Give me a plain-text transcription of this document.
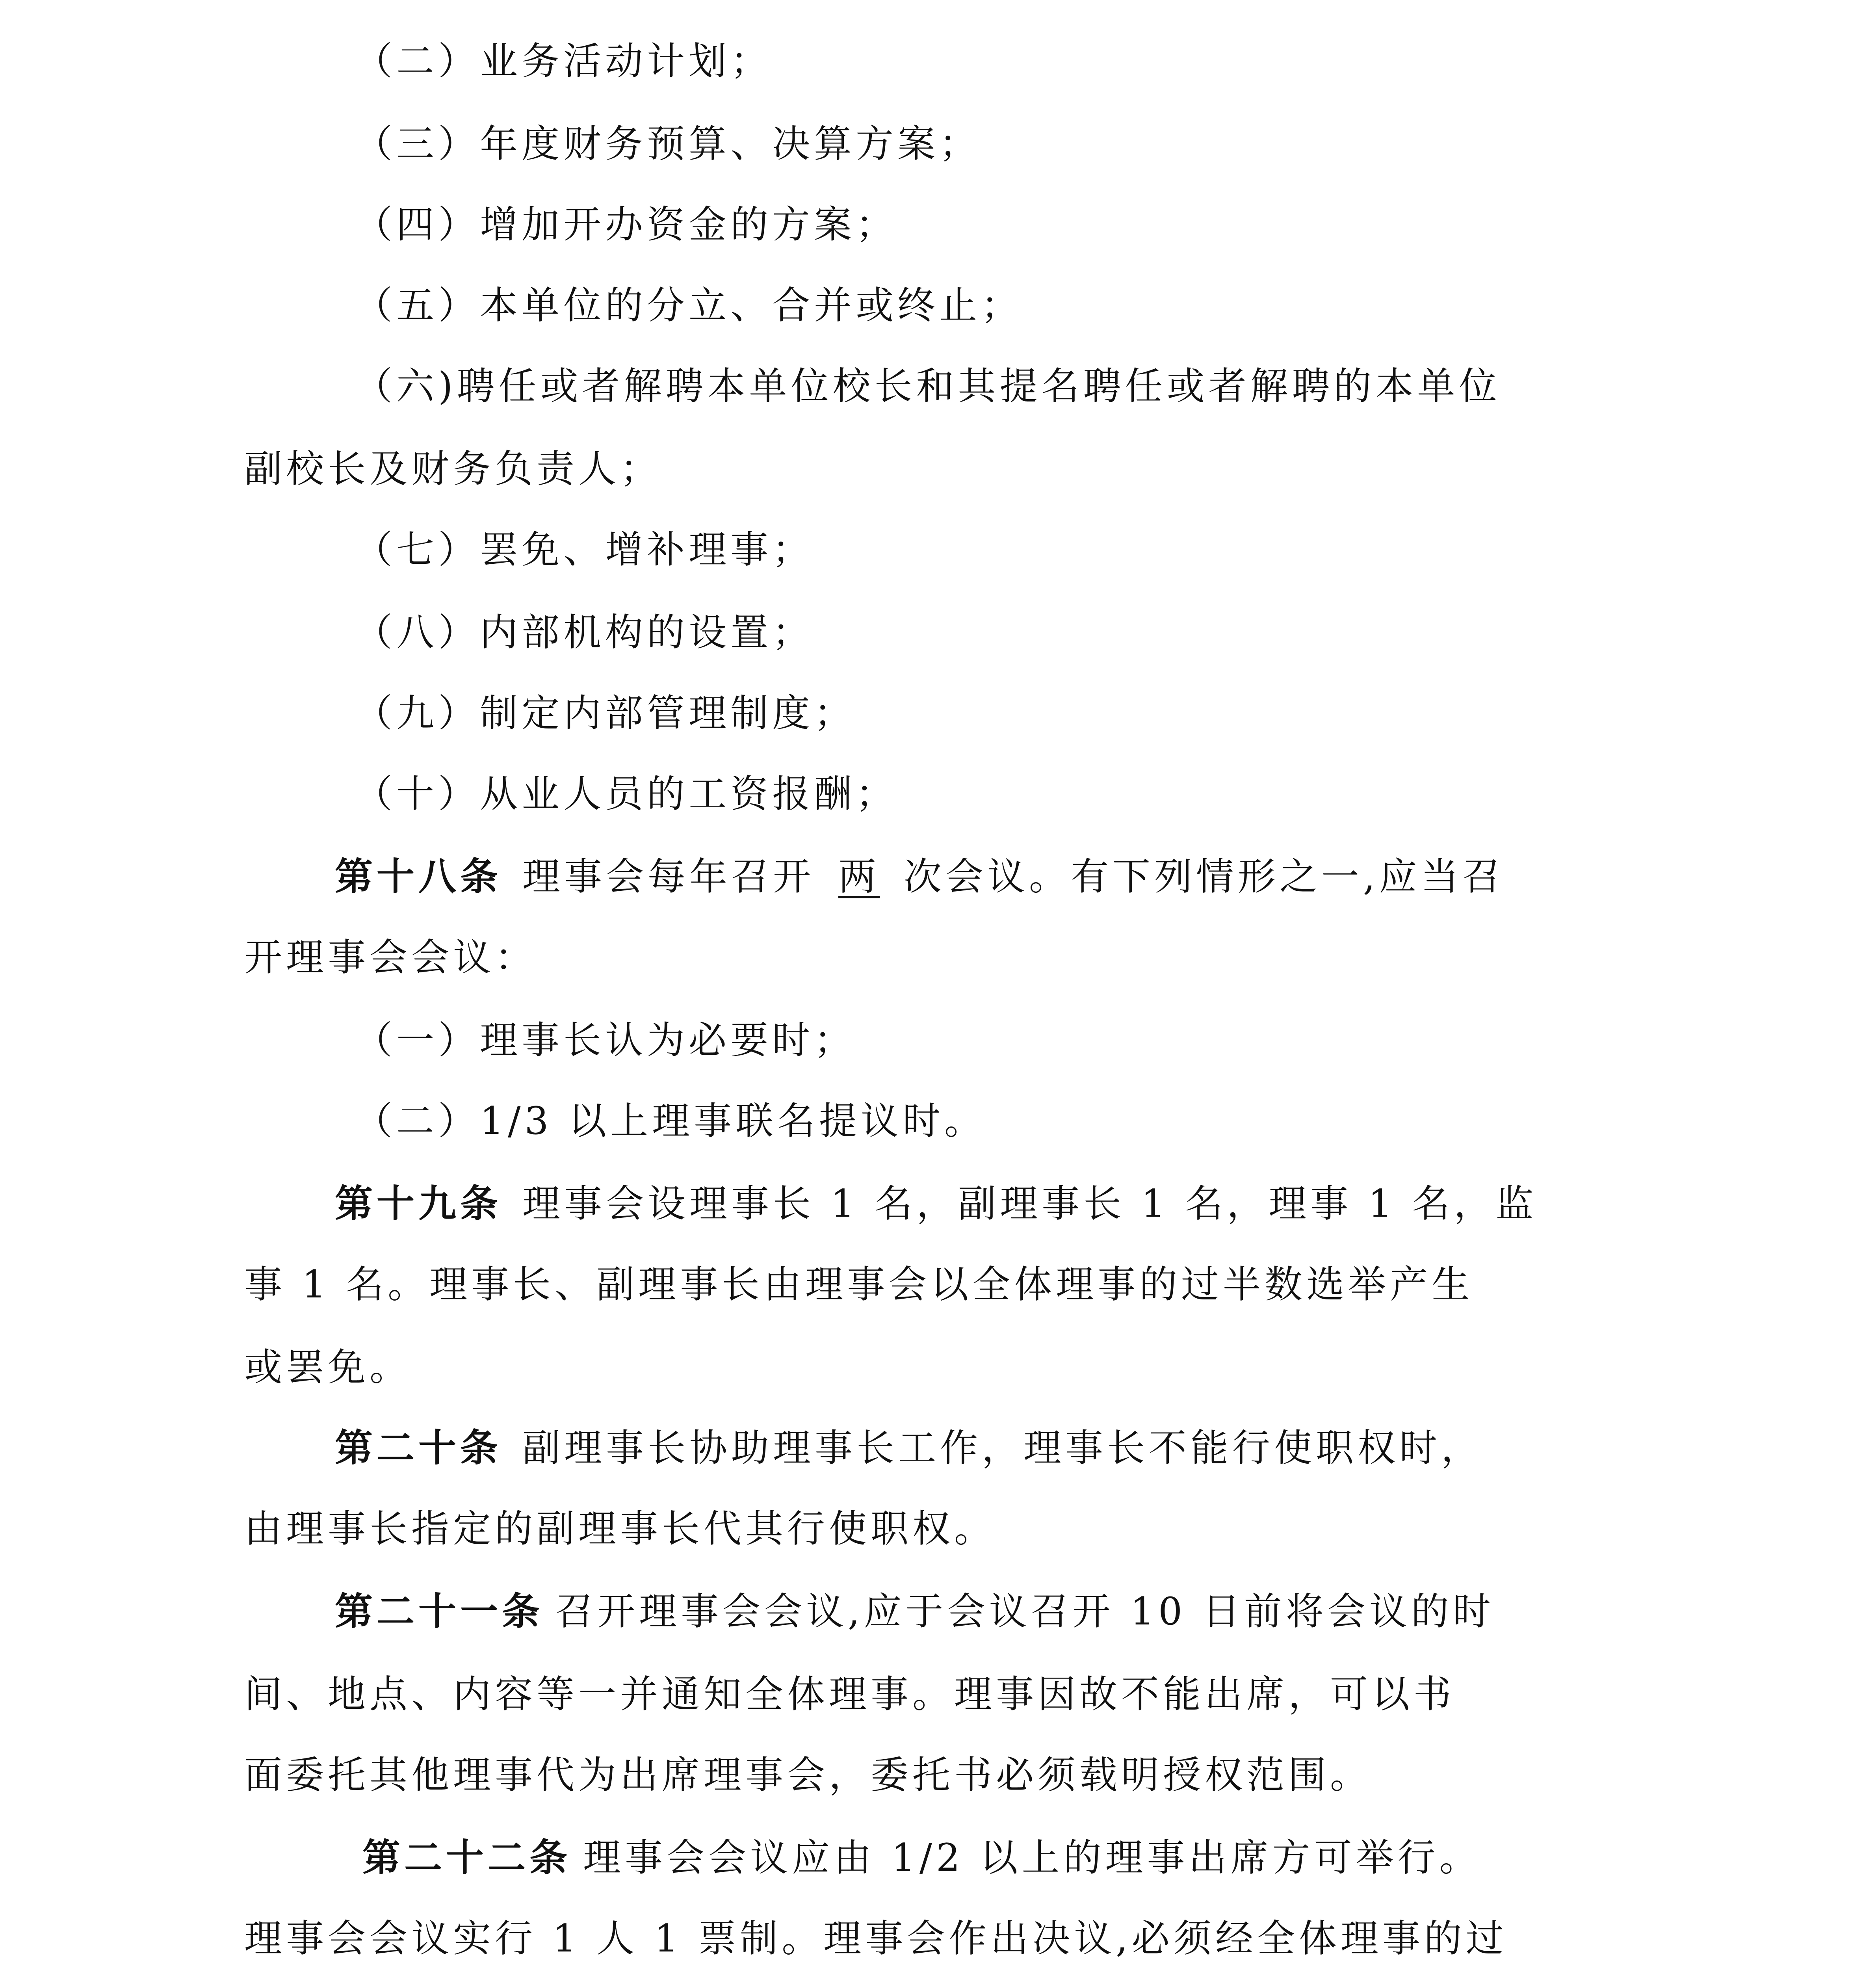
（二）业务活动计划；
（三）年度财务预算、决算方案；
（四）增加开办资金的方案；
（五）本单位的分立、合并或终止；
（六)聘任或者解聘本单位校长和其提名聘任或者解聘的本单位
副校长及财务负责人；
（七）罢免、增补理事；
（八）内部机构的设置；
（九）制定内部管理制度；
（十）从业人员的工资报酬；
第十八条 理事会每年召开 两 次会议。有下列情形之一,应当召
开理事会会议：
（一）理事长认为必要时；
（二）1/3 以上理事联名提议时。
第十九条 理事会设理事长 1 名，副理事长 1 名，理事 1 名，监
事 1 名。理事长、副理事长由理事会以全体理事的过半数选举产生
或罢免。
第二十条 副理事长协助理事长工作，理事长不能行使职权时，
由理事长指定的副理事长代其行使职权。
第二十一条 召开理事会会议,应于会议召开 10 日前将会议的时
间、地点、内容等一并通知全体理事。理事因故不能出席，可以书
面委托其他理事代为出席理事会，委托书必须载明授权范围。
第二十二条 理事会会议应由 1/2 以上的理事出席方可举行。
理事会会议实行 1 人 1 票制。理事会作出决议,必须经全体理事的过
